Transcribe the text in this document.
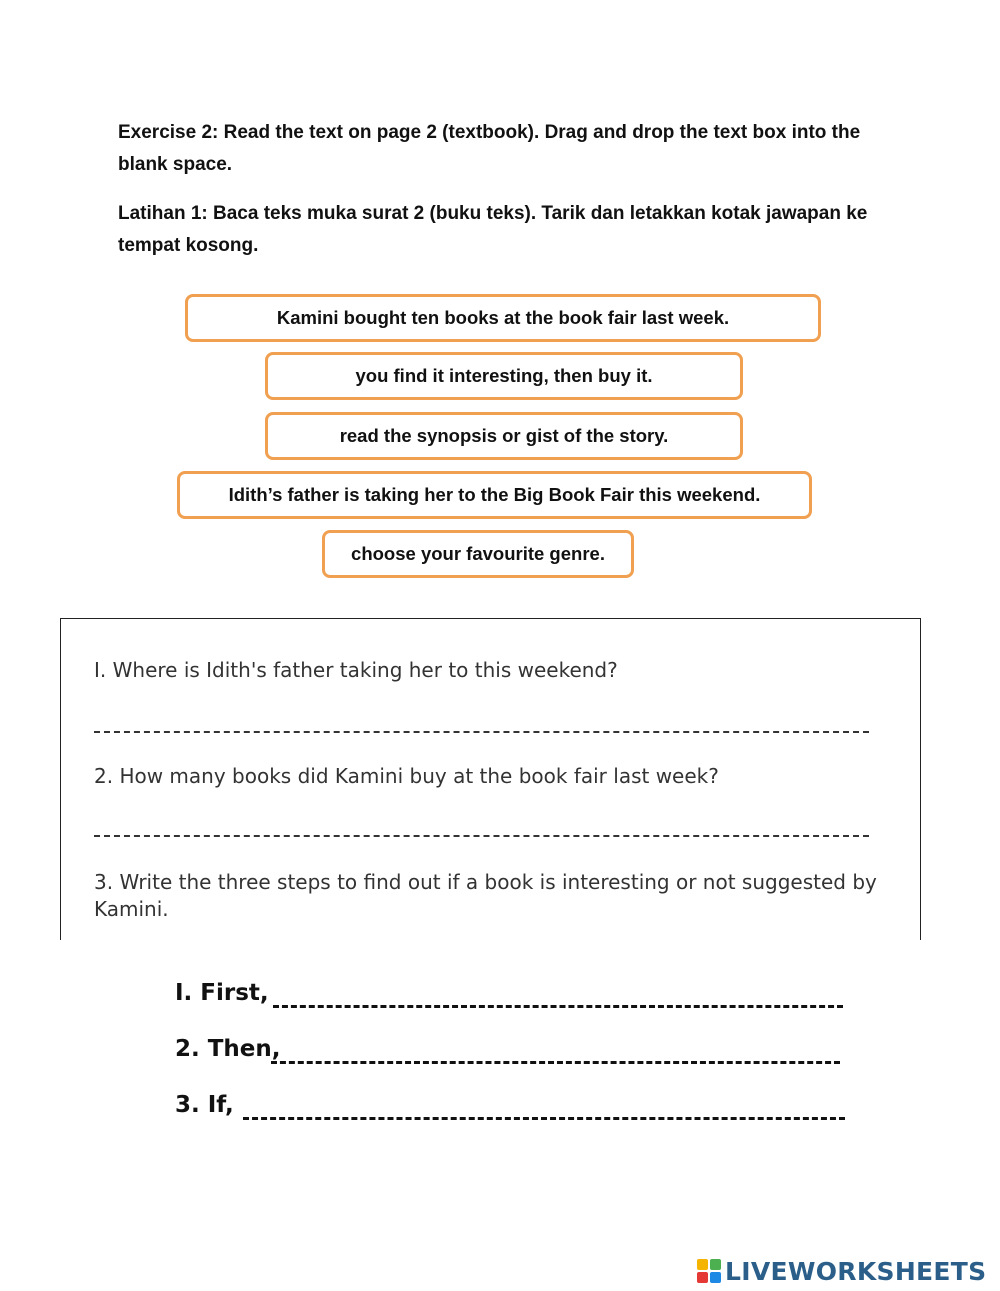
Exercise 2: Read the text on page 2 (textbook). Drag and drop the text box into the blank space.
Latihan 1: Baca teks muka surat 2 (buku teks). Tarik dan letakkan kotak jawapan ke tempat kosong.
Kamini bought ten books at the book fair last week.
you find it interesting, then buy it.
read the synopsis or gist of the story.
Idith’s father is taking her to the Big Book Fair this weekend.
choose your favourite genre.
I. Where is Idith's father taking her to this weekend?
2. How many books did Kamini buy at the book fair last week?
3. Write the three steps to find out if a book is interesting or not suggested by Kamini.
I. First,
2. Then,
3. If,
LIVEWORKSHEETS
